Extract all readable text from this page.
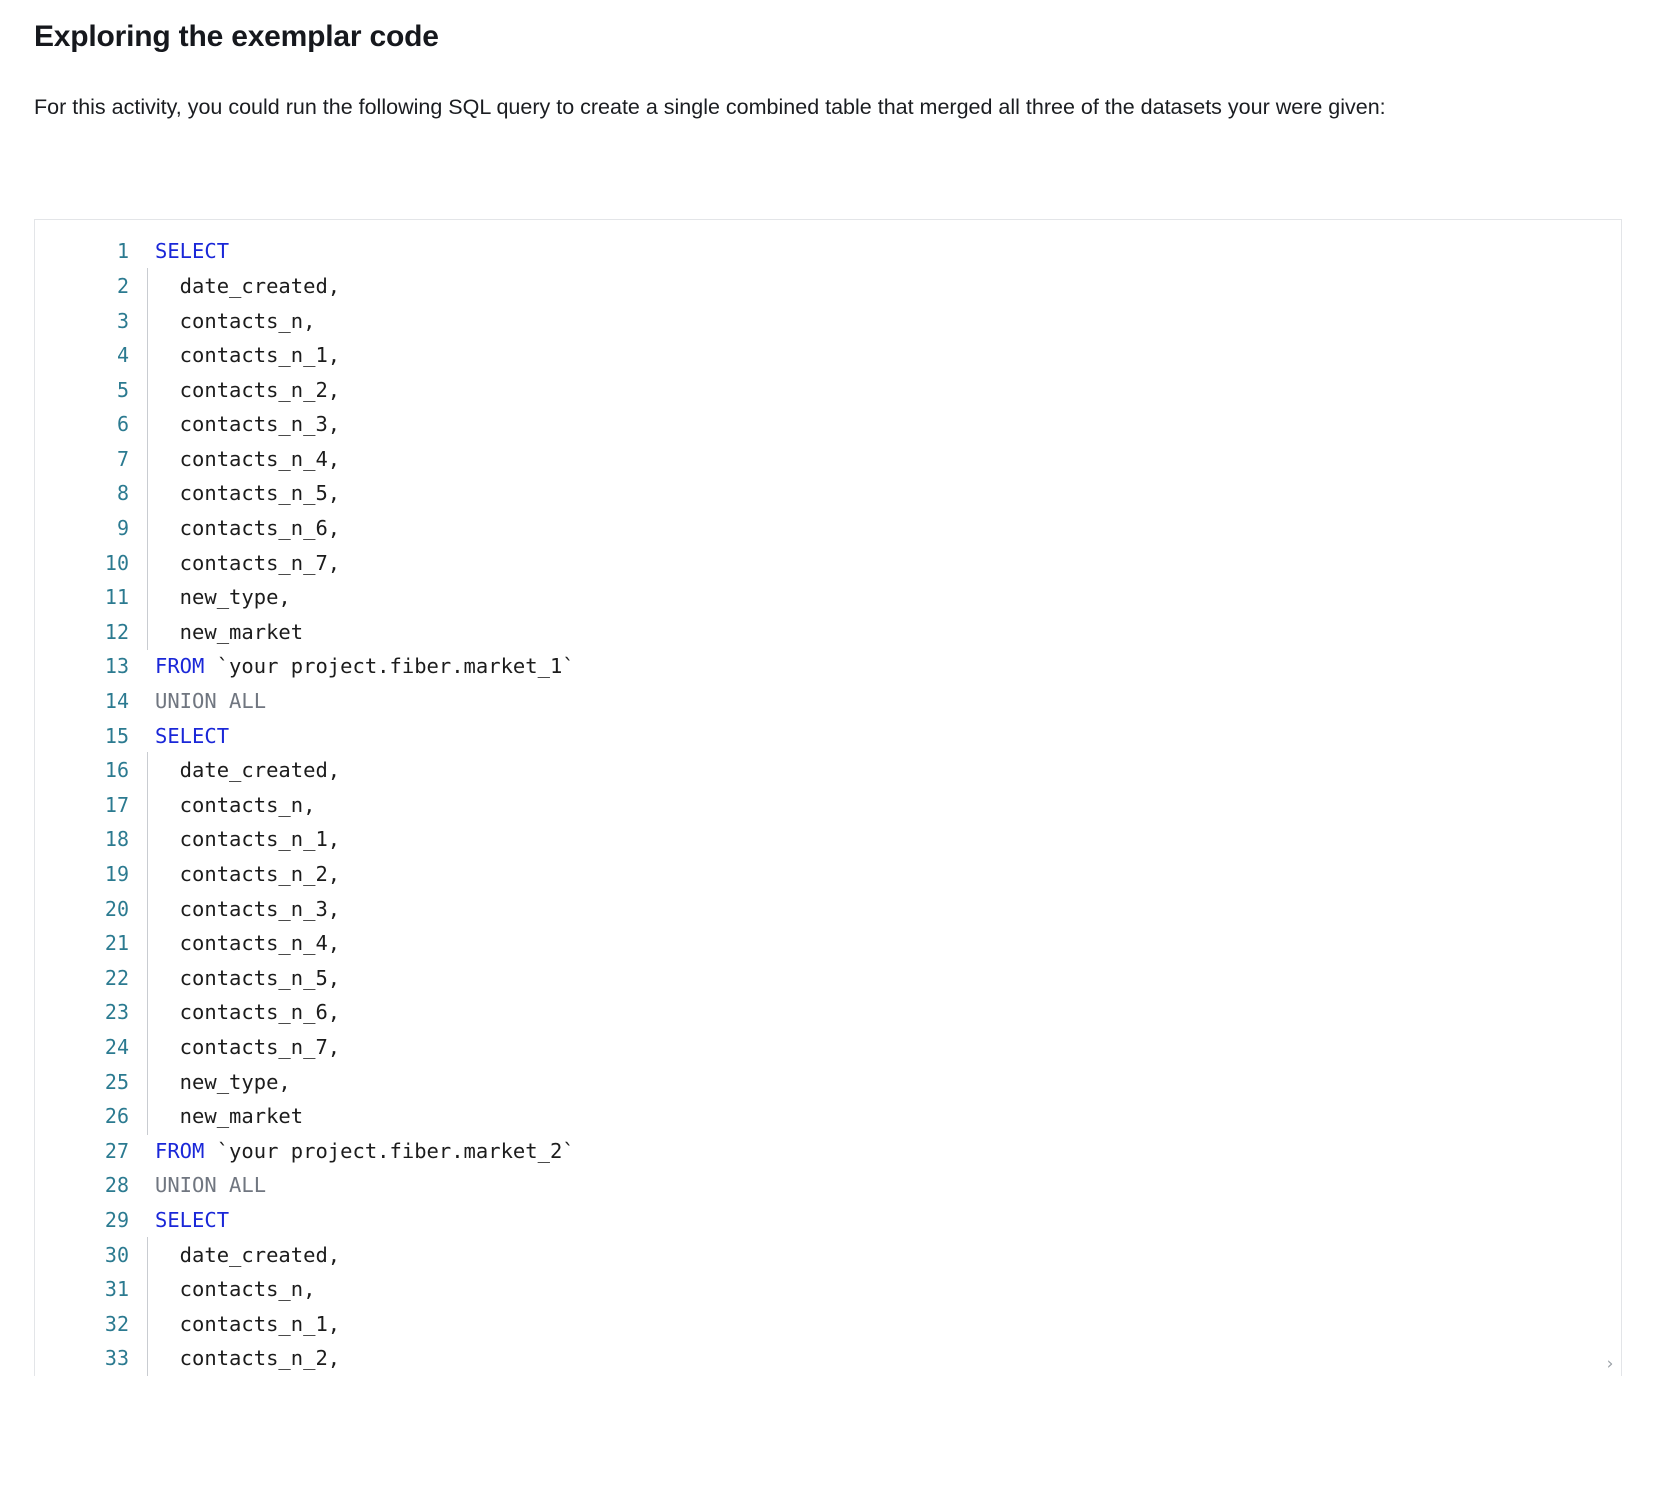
Exploring the exemplar code

For this activity, you could run the following SQL query to create a single combined table that merged all three of the datasets your were given:

1	SELECT
2	date_created,
3	contacts_n,
4	contacts_n_1,
5	contacts_n_2,
6	contacts_n_3,
7	contacts_n_4,
8	contacts_n_5,
9	contacts_n_6,
10	contacts_n_7,
11	new_type,
12	new_market
13	FROM `your project.fiber.market_1`
14	UNION ALL
15	SELECT
16	date_created,
17	contacts_n,
18	contacts_n_1,
19	contacts_n_2,
20	contacts_n_3,
21	contacts_n_4,
22	contacts_n_5,
23	contacts_n_6,
24	contacts_n_7,
25	new_type,
26	new_market
27	FROM `your project.fiber.market_2`
28	UNION ALL
29	SELECT
30	date_created,
31	contacts_n,
32	contacts_n_1,
33	contacts_n_2,	›
